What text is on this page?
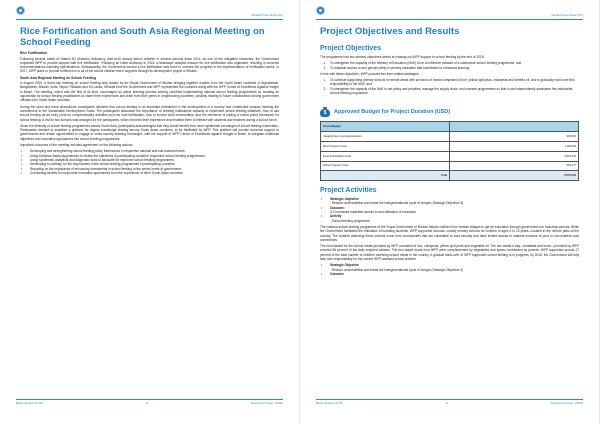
Standard Project Report 2017
Rice Fortification and South Asia Regional Meeting on School Feeding
Rice Fortification

Following several cases of vitamin B1 (thiamin) deficiency (beri-beri) among school children in several schools since 2011, as one of the mitigation measures, the Government requested WFP to provide support with rice fortification. Following an initial workshop in 2015, a landscape analysis mission for rice fortification was organised, resulting in concrete recommendations including specifications. Subsequently, the Government formed a rice fortification task force to oversee the progress in the implementation of fortification works. In 2017, WFP plans to provide fortified rice to all of the school children that it supports through its development project in Bhutan.

South Asia Regional Meeting on School Feeding

In August 2016, a three-day meeting on school feeding was hosted by the Royal Government of Bhutan bringing together experts from the South Asian countries of Afghanistan, Bangladesh, Bhutan, India, Nepal, Pakistan and Sri Lanka. Officials from the Government and WFP represented the countries along with the WFP Centre of Excellence Against Hunger in Brazil. The meeting, which was the first of its kind, encouraged an active learning process among countries implementing national school feeding programmes by creating an opportunity for school feeding practitioners to share their experiences and learn from their peers in neighbouring countries, possibly leading to future collaboration among government officials from South-Asian countries.

During the open and frank discussions, participants declared that school feeding is an important investment in the development of a country and contributed towards meeting the commitment to the Sustainable Development Goals. The participants discussed the importance of creating institutional capacity to implement school feeding initiatives; how to use school feeding as an entry point for complementary activities such as food fortification; how to involve local communities; and the relevance of having a robust policy framework for school feeding. A visit to two schools was arranged for the participants, which enriched their experience and enabled them to interact with students and teachers during a school lunch.

Given the diversity of school feeding programmes across South Asia, participants acknowledged that they would benefit from more systematic exchanges of school feeding information. Participants decided to establish a platform for regular knowledge sharing among South Asian countries, to be facilitated by WFP. This platform will provide technical support to governments and create opportunities to engage in cross-country learning exchanges, with the support of WFP Centre of Excellence against Hunger in Brazil, to integrate nutritional objectives and innovative approaches into school feeding programmes.

Important outcomes of the meeting included agreement on the following actions:

• Developing and strengthening school feeding policy frameworks in respective national and sub-national levels;
• Using evidence-based approaches to review the objectives of participating countries' respective school feeding programmes;
• Using systematic analytical and diagnostic tools to advocate for improved school feeding programmes;
• Developing a roadmap for the way forward of the school feeding programmes in participating countries;
• Reporting on the importance of enhancing investments in school feeding to the senior levels of government;
• Conducting studies to incorporate innovative approaches from the experience of other South Asian countries.
Bhutan (Kingdom of) (BT)	11	Development Project - 200300
Standard Project Report 2017
Project Objectives and Results
Project Objectives

The programme had two primary objectives aimed at phasing out WFP support to school feeding by the end of 2018:

1. To strengthen the capacity of the Ministry of Education (MoE) to be an effective steward of a nationwide school feeding programme; and
2. To maintain access to and gender parity in primary education that contributes to enhanced learning.

In line with these objectives, WFP pursued two inter-related strategies:

1. To continue supporting primary schools in remote areas with provision of meals comprised of rice, yellow split peas, chickpeas and fortified oil, and to gradually hand over this responsibility to the MoE; and,
2. To strengthen the capacity of the MoE to set policy and priorities, manage the supply chain, and oversee programmes so that it can independently administer the nationwide school feeding programme.
$	Approved Budget for Project Duration (USD)
Cost Category	
Capacity Dev.t and Augmentation	900,000
Direct Support Costs	1,184,000
Food and Related Costs	5,934,242
Indirect Support Costs	561,277
Total	8,579,519
Project Activities
• Strategic Objective
: Reduce undernutrition and break the intergenerational cycle of hunger (Strategic Objective 4)
• Outcome:
4.2 Increased equitable access to and utilization of education
• Activity
: School feeding programme

The national school feeding programme of the Royal Government of Bhutan helped children from remote villages to get an education through government-run boarding schools. While the Government facilitated the education of boarding students, WFP supported schools—mostly primary schools for children of ages 6 to 15 years—located in the remote parts of the country. The children attending these schools come from communities that are vulnerable to food security and have limited access to markets because of poor or non-existent road connections.

The food basket for the school meals provided by WFP consisted of rice, chickpeas, yellow split peas and vegetable oil. The two meals a day—breakfast and lunch—provided by WFP covered 56 percent of the daily required calories. The four staple foods from WFP were complemented by vegetables and spices contributed by parents. WFP supported around 27 percent of the total number of children receiving school meals in the country. A gradual hand-over of WFP supported school feeding is in progress; by 2018, the Government will fully take over responsibility for the current WFP-assisted school children.

• Strategic Objective
: Reduce undernutrition and break the intergenerational cycle of hunger (Strategic Objective 4)
• Outcome
Bhutan (Kingdom of) (BT)	12	Development Project - 200300
